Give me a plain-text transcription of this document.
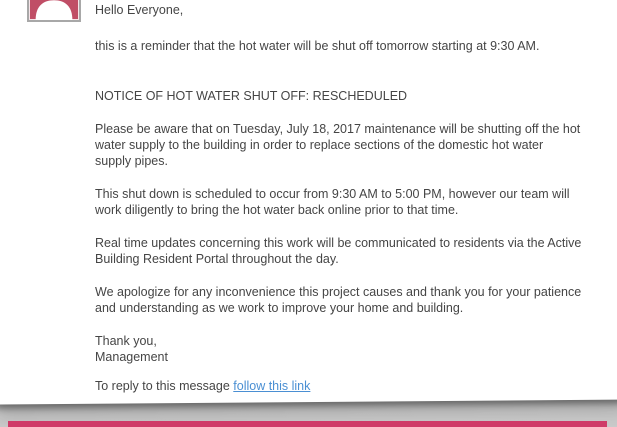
Hello Everyone,
this is a reminder that the hot water will be shut off tomorrow starting at 9:30 AM.
NOTICE OF HOT WATER SHUT OFF: RESCHEDULED
Please be aware that on Tuesday, July 18, 2017 maintenance will be shutting off the hot
water supply to the building in order to replace sections of the domestic hot water
supply pipes.
This shut down is scheduled to occur from 9:30 AM to 5:00 PM, however our team will
work diligently to bring the hot water back online prior to that time.
Real time updates concerning this work will be communicated to residents via the Active
Building Resident Portal throughout the day.
We apologize for any inconvenience this project causes and thank you for your patience
and understanding as we work to improve your home and building.
Thank you,
Management
To reply to this message follow this link
